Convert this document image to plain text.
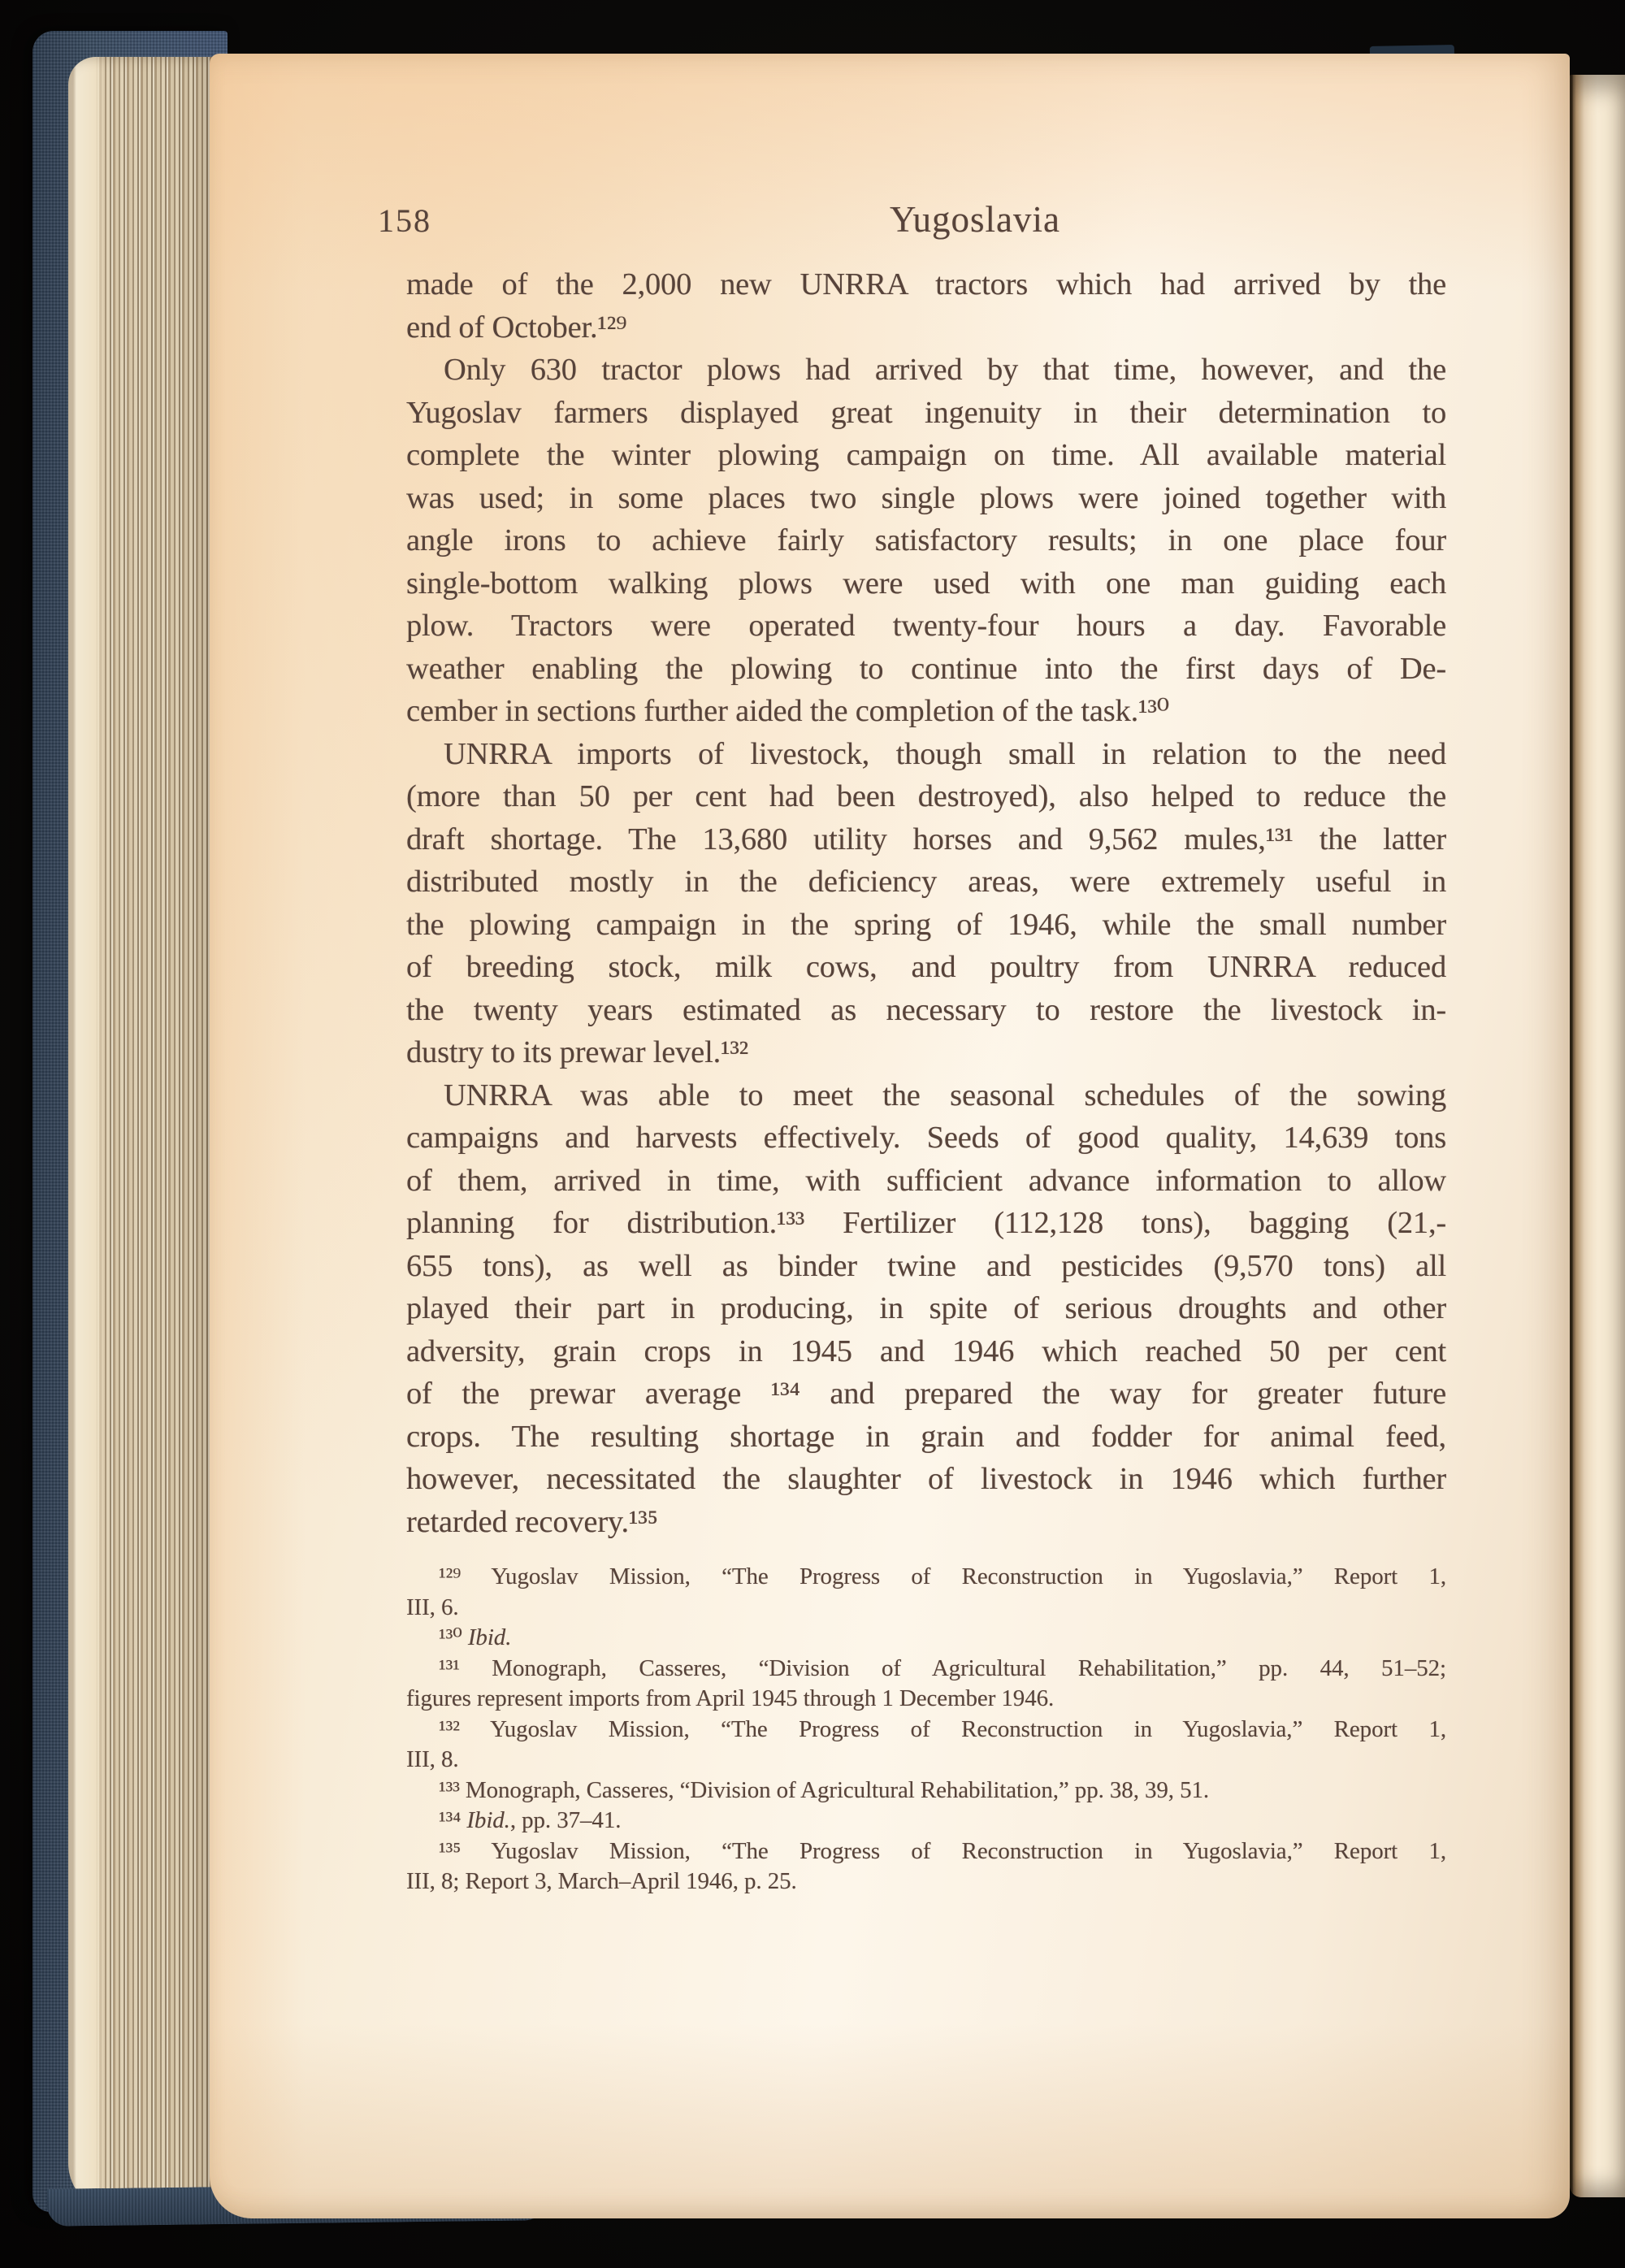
158	Yugoslavia
made of the 2,000 new UNRRA tractors which had arrived by the
end of October.¹²⁹
Only 630 tractor plows had arrived by that time, however, and the
Yugoslav farmers displayed great ingenuity in their determination to
complete the winter plowing campaign on time. All available material
was used; in some places two single plows were joined together with
angle irons to achieve fairly satisfactory results; in one place four
single-bottom walking plows were used with one man guiding each
plow. Tractors were operated twenty-four hours a day. Favorable
weather enabling the plowing to continue into the first days of De-
cember in sections further aided the completion of the task.¹³⁰
UNRRA imports of livestock, though small in relation to the need
(more than 50 per cent had been destroyed), also helped to reduce the
draft shortage. The 13,680 utility horses and 9,562 mules,¹³¹ the latter
distributed mostly in the deficiency areas, were extremely useful in
the plowing campaign in the spring of 1946, while the small number
of breeding stock, milk cows, and poultry from UNRRA reduced
the twenty years estimated as necessary to restore the livestock in-
dustry to its prewar level.¹³²
UNRRA was able to meet the seasonal schedules of the sowing
campaigns and harvests effectively. Seeds of good quality, 14,639 tons
of them, arrived in time, with sufficient advance information to allow
planning for distribution.¹³³ Fertilizer (112,128 tons), bagging (21,-
655 tons), as well as binder twine and pesticides (9,570 tons) all
played their part in producing, in spite of serious droughts and other
adversity, grain crops in 1945 and 1946 which reached 50 per cent
of the prewar average ¹³⁴ and prepared the way for greater future
crops. The resulting shortage in grain and fodder for animal feed,
however, necessitated the slaughter of livestock in 1946 which further
retarded recovery.¹³⁵
¹²⁹ Yugoslav Mission, “The Progress of Reconstruction in Yugoslavia,” Report 1,
III, 6.
¹³⁰ Ibid.
¹³¹ Monograph, Casseres, “Division of Agricultural Rehabilitation,” pp. 44, 51–52;
figures represent imports from April 1945 through 1 December 1946.
¹³² Yugoslav Mission, “The Progress of Reconstruction in Yugoslavia,” Report 1,
III, 8.
¹³³ Monograph, Casseres, “Division of Agricultural Rehabilitation,” pp. 38, 39, 51.
¹³⁴ Ibid., pp. 37–41.
¹³⁵ Yugoslav Mission, “The Progress of Reconstruction in Yugoslavia,” Report 1,
III, 8; Report 3, March–April 1946, p. 25.
